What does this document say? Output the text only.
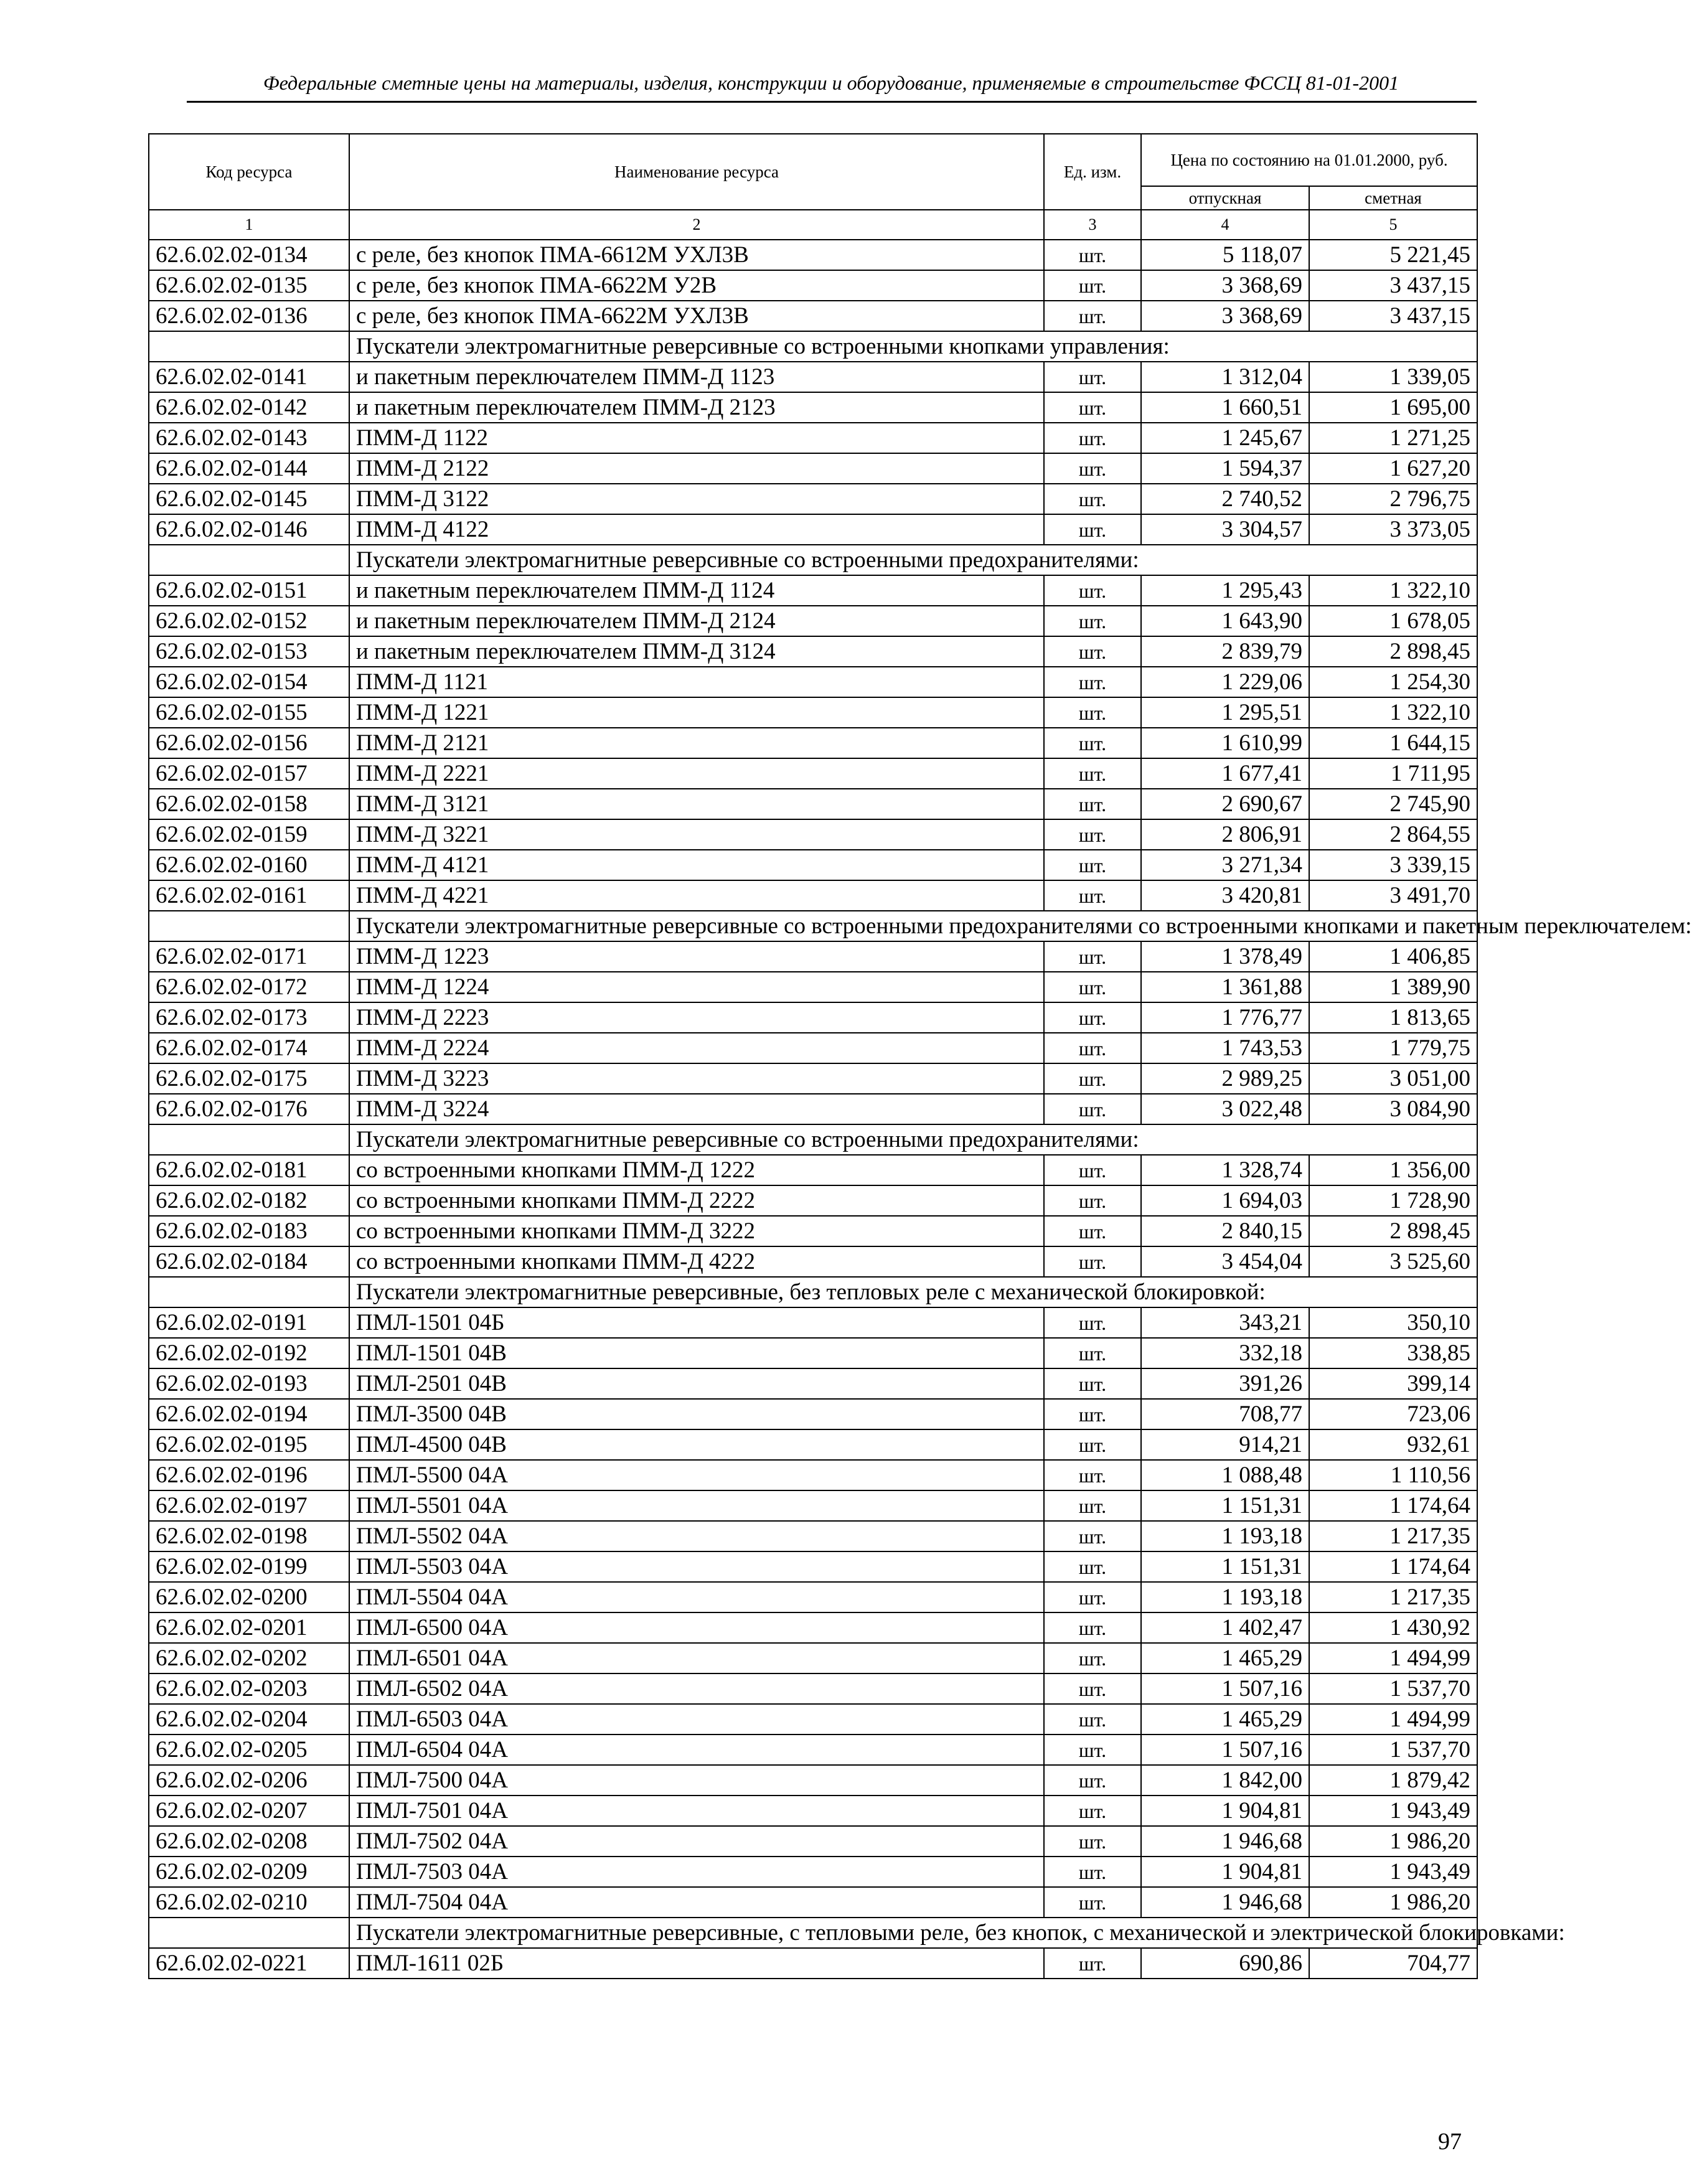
Федеральные сметные цены на материалы, изделия, конструкции и оборудование, применяемые в строительстве ФССЦ 81-01-2001
Код ресурса	Наименование ресурса	Ед. изм.	Цена по состоянию на 01.01.2000, руб.	
			отпускная	сметная
1	2	3	4	5
62.6.02.02-0134	с реле, без кнопок ПМА-6612М УХЛ3В	шт.	5 118,07	5 221,45
62.6.02.02-0135	с реле, без кнопок ПМА-6622М У2В	шт.	3 368,69	3 437,15
62.6.02.02-0136	с реле, без кнопок ПМА-6622М УХЛ3В	шт.	3 368,69	3 437,15
	Пускатели электромагнитные реверсивные со встроенными кнопками управления:			
62.6.02.02-0141	и пакетным переключателем ПММ-Д 1123	шт.	1 312,04	1 339,05
62.6.02.02-0142	и пакетным переключателем ПММ-Д 2123	шт.	1 660,51	1 695,00
62.6.02.02-0143	ПММ-Д 1122	шт.	1 245,67	1 271,25
62.6.02.02-0144	ПММ-Д 2122	шт.	1 594,37	1 627,20
62.6.02.02-0145	ПММ-Д 3122	шт.	2 740,52	2 796,75
62.6.02.02-0146	ПММ-Д 4122	шт.	3 304,57	3 373,05
	Пускатели электромагнитные реверсивные со встроенными предохранителями:			
62.6.02.02-0151	и пакетным переключателем ПММ-Д 1124	шт.	1 295,43	1 322,10
62.6.02.02-0152	и пакетным переключателем ПММ-Д 2124	шт.	1 643,90	1 678,05
62.6.02.02-0153	и пакетным переключателем ПММ-Д 3124	шт.	2 839,79	2 898,45
62.6.02.02-0154	ПММ-Д 1121	шт.	1 229,06	1 254,30
62.6.02.02-0155	ПММ-Д 1221	шт.	1 295,51	1 322,10
62.6.02.02-0156	ПММ-Д 2121	шт.	1 610,99	1 644,15
62.6.02.02-0157	ПММ-Д 2221	шт.	1 677,41	1 711,95
62.6.02.02-0158	ПММ-Д 3121	шт.	2 690,67	2 745,90
62.6.02.02-0159	ПММ-Д 3221	шт.	2 806,91	2 864,55
62.6.02.02-0160	ПММ-Д 4121	шт.	3 271,34	3 339,15
62.6.02.02-0161	ПММ-Д 4221	шт.	3 420,81	3 491,70
	Пускатели электромагнитные реверсивные со встроенными предохранителями со встроенными кнопками и пакетным переключателем:			
62.6.02.02-0171	ПММ-Д 1223	шт.	1 378,49	1 406,85
62.6.02.02-0172	ПММ-Д 1224	шт.	1 361,88	1 389,90
62.6.02.02-0173	ПММ-Д 2223	шт.	1 776,77	1 813,65
62.6.02.02-0174	ПММ-Д 2224	шт.	1 743,53	1 779,75
62.6.02.02-0175	ПММ-Д 3223	шт.	2 989,25	3 051,00
62.6.02.02-0176	ПММ-Д 3224	шт.	3 022,48	3 084,90
	Пускатели электромагнитные реверсивные со встроенными предохранителями:			
62.6.02.02-0181	со встроенными кнопками ПММ-Д 1222	шт.	1 328,74	1 356,00
62.6.02.02-0182	со встроенными кнопками ПММ-Д 2222	шт.	1 694,03	1 728,90
62.6.02.02-0183	со встроенными кнопками ПММ-Д 3222	шт.	2 840,15	2 898,45
62.6.02.02-0184	со встроенными кнопками ПММ-Д 4222	шт.	3 454,04	3 525,60
	Пускатели электромагнитные реверсивные, без тепловых реле с механической блокировкой:			
62.6.02.02-0191	ПМЛ-1501 04Б	шт.	343,21	350,10
62.6.02.02-0192	ПМЛ-1501 04В	шт.	332,18	338,85
62.6.02.02-0193	ПМЛ-2501 04В	шт.	391,26	399,14
62.6.02.02-0194	ПМЛ-3500 04В	шт.	708,77	723,06
62.6.02.02-0195	ПМЛ-4500 04В	шт.	914,21	932,61
62.6.02.02-0196	ПМЛ-5500 04А	шт.	1 088,48	1 110,56
62.6.02.02-0197	ПМЛ-5501 04А	шт.	1 151,31	1 174,64
62.6.02.02-0198	ПМЛ-5502 04А	шт.	1 193,18	1 217,35
62.6.02.02-0199	ПМЛ-5503 04А	шт.	1 151,31	1 174,64
62.6.02.02-0200	ПМЛ-5504 04А	шт.	1 193,18	1 217,35
62.6.02.02-0201	ПМЛ-6500 04А	шт.	1 402,47	1 430,92
62.6.02.02-0202	ПМЛ-6501 04А	шт.	1 465,29	1 494,99
62.6.02.02-0203	ПМЛ-6502 04А	шт.	1 507,16	1 537,70
62.6.02.02-0204	ПМЛ-6503 04А	шт.	1 465,29	1 494,99
62.6.02.02-0205	ПМЛ-6504 04А	шт.	1 507,16	1 537,70
62.6.02.02-0206	ПМЛ-7500 04А	шт.	1 842,00	1 879,42
62.6.02.02-0207	ПМЛ-7501 04А	шт.	1 904,81	1 943,49
62.6.02.02-0208	ПМЛ-7502 04А	шт.	1 946,68	1 986,20
62.6.02.02-0209	ПМЛ-7503 04А	шт.	1 904,81	1 943,49
62.6.02.02-0210	ПМЛ-7504 04А	шт.	1 946,68	1 986,20
	Пускатели электромагнитные реверсивные, с тепловыми реле, без кнопок, с механической и электрической блокировками:			
62.6.02.02-0221	ПМЛ-1611 02Б	шт.	690,86	704,77
97
